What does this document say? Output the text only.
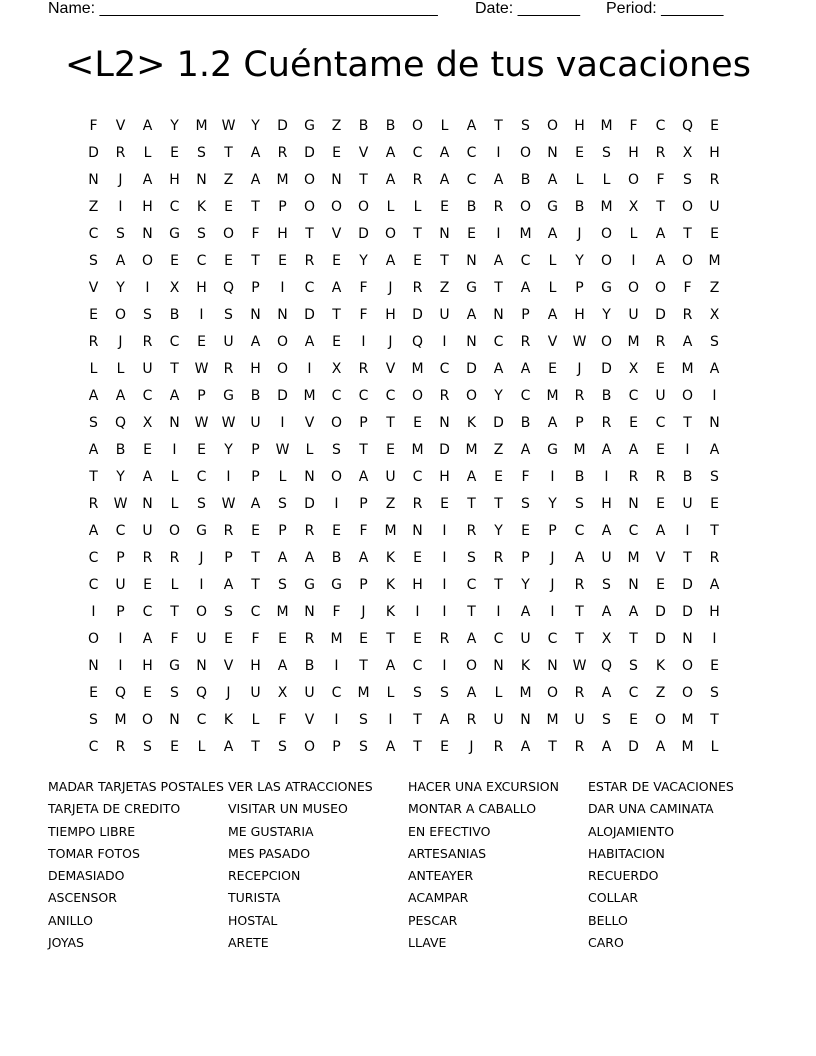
Name: ______________________________________ Date: _______ Period: _______
<L2> 1.2 Cuéntame de tus vacaciones
F	V	A	Y	M	W	Y	D	G	Z	B	B	O	L	A	T	S	O	H	M	F	C	Q	E
D	R	L	E	S	T	A	R	D	E	V	A	C	A	C	I	O	N	E	S	H	R	X	H
N	J	A	H	N	Z	A	M	O	N	T	A	R	A	C	A	B	A	L	L	O	F	S	R
Z	I	H	C	K	E	T	P	O	O	O	L	L	E	B	R	O	G	B	M	X	T	O	U
C	S	N	G	S	O	F	H	T	V	D	O	T	N	E	I	M	A	J	O	L	A	T	E
S	A	O	E	C	E	T	E	R	E	Y	A	E	T	N	A	C	L	Y	O	I	A	O	M
V	Y	I	X	H	Q	P	I	C	A	F	J	R	Z	G	T	A	L	P	G	O	O	F	Z
E	O	S	B	I	S	N	N	D	T	F	H	D	U	A	N	P	A	H	Y	U	D	R	X
R	J	R	C	E	U	A	O	A	E	I	J	Q	I	N	C	R	V	W	O	M	R	A	S
L	L	U	T	W	R	H	O	I	X	R	V	M	C	D	A	A	E	J	D	X	E	M	A
A	A	C	A	P	G	B	D	M	C	C	C	O	R	O	Y	C	M	R	B	C	U	O	I
S	Q	X	N	W W	U	I	V	O	P	T	E	N	K	D	B	A	P	R	E	C	T	N
A	B	E	I	E	Y	P	W	L	S	T	E	M	D	M	Z	A	G	M	A	A	E	I	A
T	Y	A	L	C	I	P	L	N	O	A	U	C	H	A	E	F	I	B	I	R	R	B	S
R	W	N	L	S	W	A	S	D	I	P	Z	R	E	T	T	S	Y	S	H	N	E	U	E
A	C	U	O	G	R	E	P	R	E	F	M	N	I	R	Y	E	P	C	A	C	A	I	T
C	P	R	R	J	P	T	A	A	B	A	K	E	I	S	R	P	J	A	U	M	V	T	R
C	U	E	L	I	A	T	S	G	G	P	K	H	I	C	T	Y	J	R	S	N	E	D	A
I	P	C	T	O	S	C	M	N	F	J	K	I	I	T	I	A	I	T	A	A	D	D	H
O	I	A	F	U	E	F	E	R	M	E	T	E	R	A	C	U	C	T	X	T	D	N	I
N	I	H	G	N	V	H	A	B	I	T	A	C	I	O	N	K	N	W	Q	S	K	O	E
E	Q	E	S	Q	J	U	X	U	C	M	L	S	S	A	L	M	O	R	A	C	Z	O	S
S	M	O	N	C	K	L	F	V	I	S	I	T	A	R	U	N	M	U	S	E	O	M	T
C	R	S	E	L	A	T	S	O	P	S	A	T	E	J	R	A	T	R	A	D	A	M	L
MADAR TARJETAS POSTALES
TARJETA DE CREDITO
TIEMPO LIBRE
TOMAR FOTOS
DEMASIADO
ASCENSOR
ANILLO
JOYAS
VER LAS ATRACCIONES
VISITAR UN MUSEO
ME GUSTARIA
MES PASADO
RECEPCION
TURISTA
HOSTAL
ARETE
HACER UNA EXCURSION
MONTAR A CABALLO
EN EFECTIVO
ARTESANIAS
ANTEAYER
ACAMPAR
PESCAR
LLAVE
ESTAR DE VACACIONES
DAR UNA CAMINATA
ALOJAMIENTO
HABITACION
RECUERDO
COLLAR
BELLO
CARO
